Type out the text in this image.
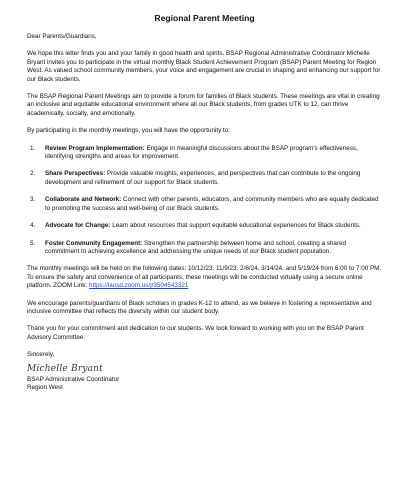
Regional Parent Meeting

Dear Parents/Guardians,

We hope this letter finds you and your family in good health and spirits. BSAP Regional Administrative Coordinator Michelle Bryant invites you to participate in the virtual monthly Black Student Achievement Program (BSAP) Parent Meeting for Region West. As valued school community members, your voice and engagement are crucial in shaping and enhancing our support for our Black students.

The BSAP Regional Parent Meetings aim to provide a forum for families of Black students. These meetings are vital in creating an inclusive and equitable educational environment where all our Black students, from grades UTK to 12, can thrive academically, socially, and emotionally.

By participating in the monthly meetings, you will have the opportunity to:

1. Review Program Implementation: Engage in meaningful discussions about the BSAP program's effectiveness, identifying strengths and areas for improvement.
2. Share Perspectives: Provide valuable insights, experiences, and perspectives that can contribute to the ongoing development and refinement of our support for Black students.
3. Collaborate and Network: Connect with other parents, educators, and community members who are equally dedicated to promoting the success and well-being of our Black students.
4. Advocate for Change: Learn about resources that support equitable educational experiences for Black students.
5. Foster Community Engagement: Strengthen the partnership between home and school, creating a shared commitment to achieving excellence and addressing the unique needs of our Black student population.

The monthly meetings will be held on the following dates: 10/12/23, 11/9/23, 2/8/24, 3/14/24, and 5/19/24 from 6:00 to 7:00 PM. To ensure the safety and convenience of all participants, these meetings will be conducted virtually using a secure online platform. ZOOM Link: https://lausd.zoom.us/j/3504543321

We encourage parents/guardians of Black scholars in grades K-12 to attend, as we believe in fostering a representative and inclusive committee that reflects the diversity within our student body.

Thank you for your commitment and dedication to our students. We look forward to working with you on the BSAP Parent Advisory Committee.

Sincerely,

Michelle Bryant

BSAP Administrative Coordinator

Region West
